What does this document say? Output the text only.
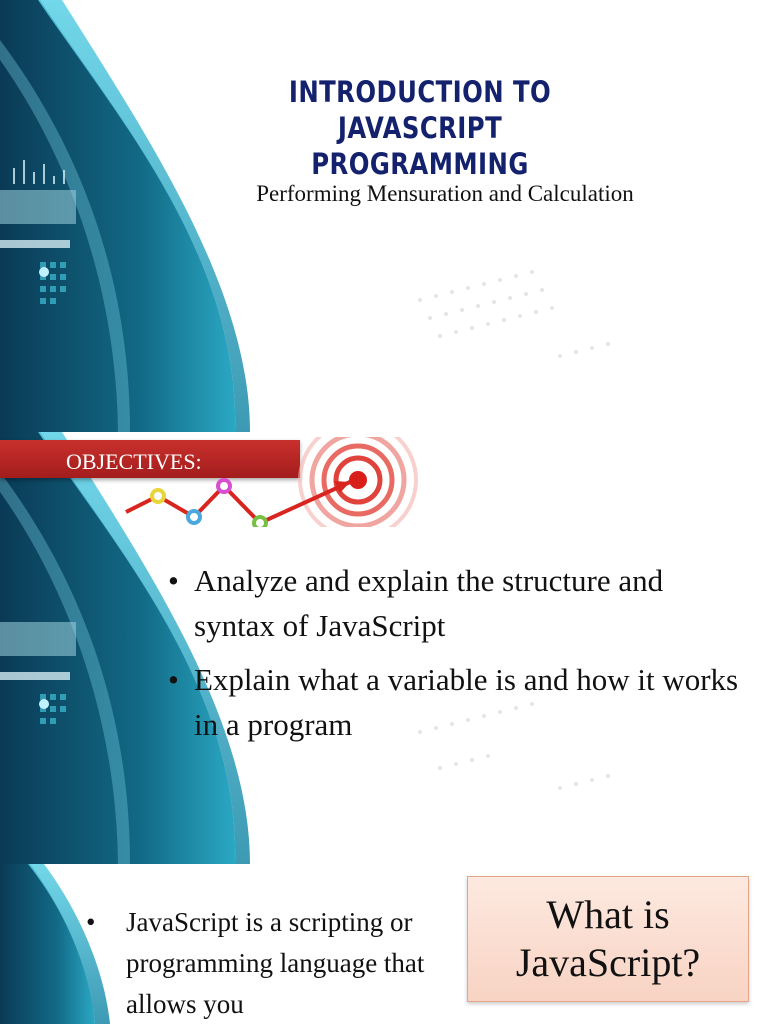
INTRODUCTION TO JAVASCRIPT
PROGRAMMING
Performing Mensuration and Calculation
OBJECTIVES:
• Analyze and explain the structure and syntax of JavaScript
• Explain what a variable is and how it works in a program
•	JavaScript is a scripting or programming language that allows you
What is
JavaScript?
